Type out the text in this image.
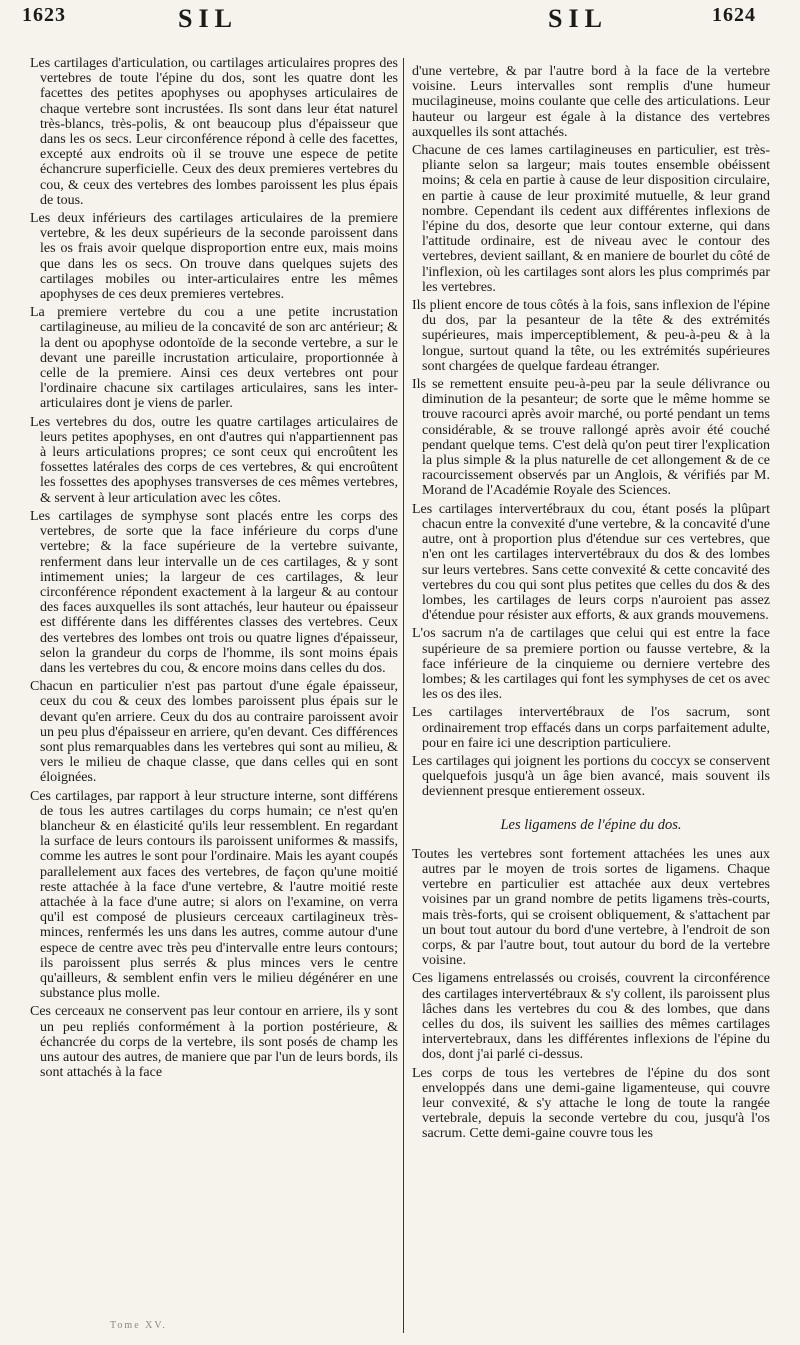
1623	SIL	SIL	1624

Les cartilages d'articulation, ou cartilages articulaires propres des vertebres de toute l'épine du dos, sont les quatre dont les facettes des petites apophyses ou apophyses articulaires de chaque vertebre sont incrustées. Ils sont dans leur état naturel très-blancs, très-polis, & ont beaucoup plus d'épaisseur que dans les os secs. Leur circonférence répond à celle des facettes, excepté aux endroits où il se trouve une espece de petite échancrure superficielle. Ceux des deux premieres vertebres du cou, & ceux des vertebres des lombes paroissent les plus épais de tous.

Les deux inférieurs des cartilages articulaires de la premiere vertebre, & les deux supérieurs de la seconde paroissent dans les os frais avoir quelque disproportion entre eux, mais moins que dans les os secs. On trouve dans quelques sujets des cartilages mobiles ou inter-articulaires entre les mêmes apophyses de ces deux premieres vertebres.

La premiere vertebre du cou a une petite incrustation cartilagineuse, au milieu de la concavité de son arc antérieur; & la dent ou apophyse odontoïde de la seconde vertebre, a sur le devant une pareille incrustation articulaire, proportionnée à celle de la premiere. Ainsi ces deux vertebres ont pour l'ordinaire chacune six cartilages articulaires, sans les inter-articulaires dont je viens de parler.

Les vertebres du dos, outre les quatre cartilages articulaires de leurs petites apophyses, en ont d'autres qui n'appartiennent pas à leurs articulations propres; ce sont ceux qui encroûtent les fossettes latérales des corps de ces vertebres, & qui encroûtent les fossettes des apophyses transverses de ces mêmes vertebres, & servent à leur articulation avec les côtes.

Les cartilages de symphyse sont placés entre les corps des vertebres, de sorte que la face inférieure du corps d'une vertebre; & la face supérieure de la vertebre suivante, renferment dans leur intervalle un de ces cartilages, & y sont intimement unies; la largeur de ces cartilages, & leur circonférence répondent exactement à la largeur & au contour des faces auxquelles ils sont attachés, leur hauteur ou épaisseur est différente dans les différentes classes des vertebres. Ceux des vertebres des lombes ont trois ou quatre lignes d'épaisseur, selon la grandeur du corps de l'homme, ils sont moins épais dans les vertebres du cou, & encore moins dans celles du dos.

Chacun en particulier n'est pas partout d'une égale épaisseur, ceux du cou & ceux des lombes paroissent plus épais sur le devant qu'en arriere. Ceux du dos au contraire paroissent avoir un peu plus d'épaisseur en arriere, qu'en devant. Ces différences sont plus remarquables dans les vertebres qui sont au milieu, & vers le milieu de chaque classe, que dans celles qui en sont éloignées.

Ces cartilages, par rapport à leur structure interne, sont différens de tous les autres cartilages du corps humain; ce n'est qu'en blancheur & en élasticité qu'ils leur ressemblent. En regardant la surface de leurs contours ils paroissent uniformes & massifs, comme les autres le sont pour l'ordinaire. Mais les ayant coupés parallelement aux faces des vertebres, de façon qu'une moitié reste attachée à la face d'une vertebre, & l'autre moitié reste attachée à la face d'une autre; si alors on l'examine, on verra qu'il est composé de plusieurs cerceaux cartilagineux très-minces, renfermés les uns dans les autres, comme autour d'une espece de centre avec très peu d'intervalle entre leurs contours; ils paroissent plus serrés & plus minces vers le centre qu'ailleurs, & semblent enfin vers le milieu dégénérer en une substance plus molle.

Ces cerceaux ne conservent pas leur contour en arriere, ils y sont un peu repliés conformément à la portion postérieure, & échancrée du corps de la vertebre, ils sont posés de champ les uns autour des autres, de maniere que par l'un de leurs bords, ils sont attachés à la face

d'une vertebre, & par l'autre bord à la face de la vertebre voisine. Leurs intervalles sont remplis d'une humeur mucilagineuse, moins coulante que celle des articulations. Leur hauteur ou largeur est égale à la distance des vertebres auxquelles ils sont attachés.

Chacune de ces lames cartilagineuses en particulier, est très-pliante selon sa largeur; mais toutes ensemble obéissent moins; & cela en partie à cause de leur disposition circulaire, en partie à cause de leur proximité mutuelle, & leur grand nombre. Cependant ils cedent aux différentes inflexions de l'épine du dos, desorte que leur contour externe, qui dans l'attitude ordinaire, est de niveau avec le contour des vertebres, devient saillant, & en maniere de bourlet du côté de l'inflexion, où les cartilages sont alors les plus comprimés par les vertebres.

Ils plient encore de tous côtés à la fois, sans inflexion de l'épine du dos, par la pesanteur de la tête & des extrémités supérieures, mais imperceptiblement, & peu-à-peu & à la longue, surtout quand la tête, ou les extrémités supérieures sont chargées de quelque fardeau étranger.

Ils se remettent ensuite peu-à-peu par la seule délivrance ou diminution de la pesanteur; de sorte que le même homme se trouve racourci après avoir marché, ou porté pendant un tems considérable, & se trouve rallongé après avoir été couché pendant quelque tems. C'est delà qu'on peut tirer l'explication la plus simple & la plus naturelle de cet allongement & de ce racourcissement observés par un Anglois, & vérifiés par M. Morand de l'Académie Royale des Sciences.

Les cartilages intervertébraux du cou, étant posés la plûpart chacun entre la convexité d'une vertebre, & la concavité d'une autre, ont à proportion plus d'étendue sur ces vertebres, que n'en ont les cartilages intervertébraux du dos & des lombes sur leurs vertebres. Sans cette convexité & cette concavité des vertebres du cou qui sont plus petites que celles du dos & des lombes, les cartilages de leurs corps n'auroient pas assez d'étendue pour résister aux efforts, & aux grands mouvemens.

L'os sacrum n'a de cartilages que celui qui est entre la face supérieure de sa premiere portion ou fausse vertebre, & la face inférieure de la cinquieme ou derniere vertebre des lombes; & les cartilages qui font les symphyses de cet os avec les os des iles.

Les cartilages intervertébraux de l'os sacrum, sont ordinairement trop effacés dans un corps parfaitement adulte, pour en faire ici une description particuliere.

Les cartilages qui joignent les portions du coccyx se conservent quelquefois jusqu'à un âge bien avancé, mais souvent ils deviennent presque entierement osseux.

Les ligamens de l'épine du dos.

Toutes les vertebres sont fortement attachées les unes aux autres par le moyen de trois sortes de ligamens. Chaque vertebre en particulier est attachée aux deux vertebres voisines par un grand nombre de petits ligamens très-courts, mais très-forts, qui se croisent obliquement, & s'attachent par un bout tout autour du bord d'une vertebre, à l'endroit de son corps, & par l'autre bout, tout autour du bord de la vertebre voisine.

Ces ligamens entrelassés ou croisés, couvrent la circonférence des cartilages intervertébraux & s'y collent, ils paroissent plus lâches dans les vertebres du cou & des lombes, que dans celles du dos, ils suivent les saillies des mêmes cartilages intervertebraux, dans les différentes inflexions de l'épine du dos, dont j'ai parlé ci-dessus.

Les corps de tous les vertebres de l'épine du dos sont enveloppés dans une demi-gaine ligamenteuse, qui couvre leur convexité, & s'y attache le long de toute la rangée vertebrale, depuis la seconde vertebre du cou, jusqu'à l'os sacrum. Cette demi-gaine couvre tous les

Tome XV.
